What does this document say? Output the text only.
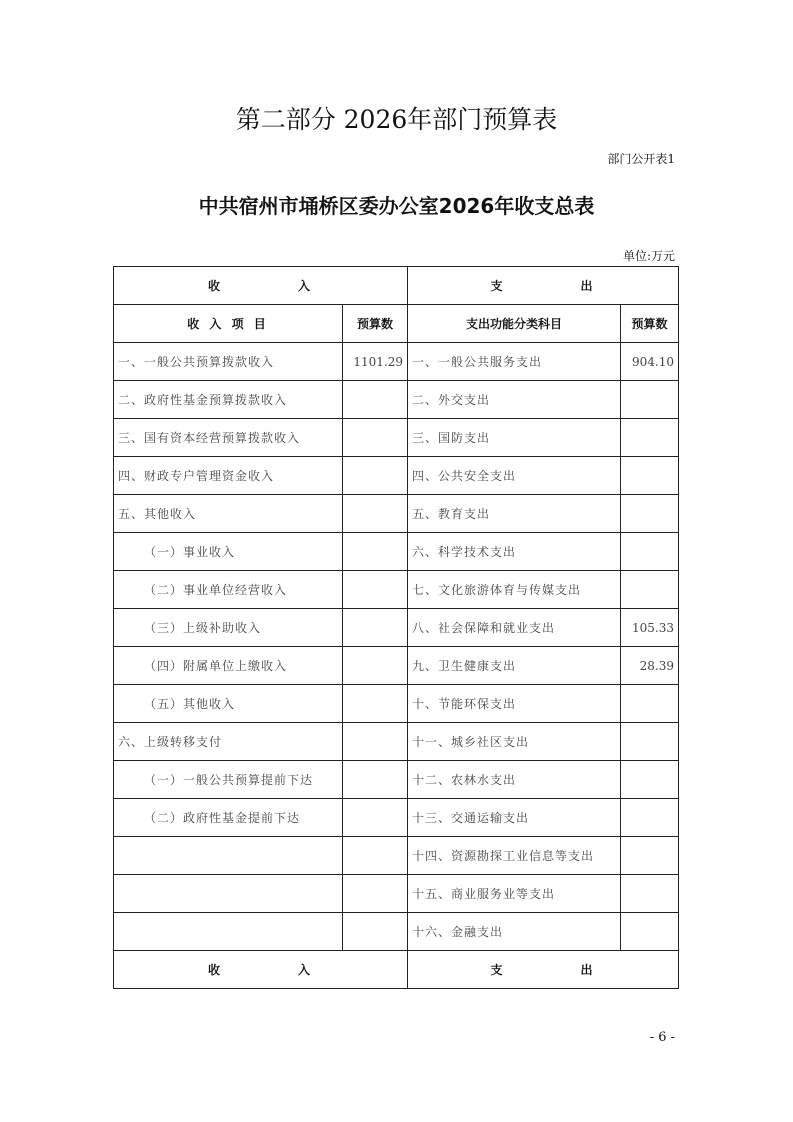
第二部分 2026年部门预算表
部门公开表1
中共宿州市埇桥区委办公室2026年收支总表
单位:万元
收　　　　　入		支　　　　　出	
收 入 项 目	预算数	支出功能分类科目	预算数
一、一般公共预算拨款收入	1101.29	一、一般公共服务支出	904.10
二、政府性基金预算拨款收入		二、外交支出	
三、国有资本经营预算拨款收入		三、国防支出	
四、财政专户管理资金收入		四、公共安全支出	
五、其他收入		五、教育支出	
（一）事业收入		六、科学技术支出	
（二）事业单位经营收入		七、文化旅游体育与传媒支出	
（三）上级补助收入		八、社会保障和就业支出	105.33
（四）附属单位上缴收入		九、卫生健康支出	28.39
（五）其他收入		十、节能环保支出	
六、上级转移支付		十一、城乡社区支出	
（一）一般公共预算提前下达		十二、农林水支出	
（二）政府性基金提前下达		十三、交通运输支出	
		十四、资源勘探工业信息等支出	
		十五、商业服务业等支出	
		十六、金融支出	
收　　　　　入		支　　　　　出	
- 6 -
